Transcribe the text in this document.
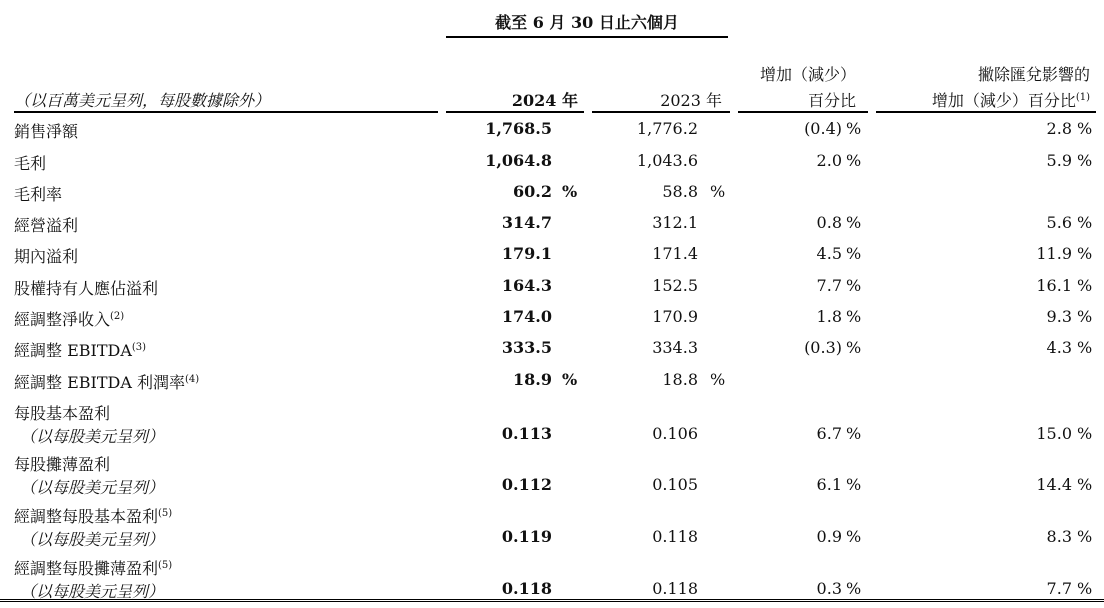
截至 6 月 30 日止六個月
（以百萬美元呈列，每股數據除外）	2024 年	2023 年
增加（減少）
百分比
撇除匯兌影響的
增加（減少）百分比$^{(1)}$
銷售淨額	1,768.5	1,776.2	(0.4) %	2.8 %
毛利	1,064.8	1,043.6	2.0 %	5.9 %
毛利率	60.2 %	58.8 %
經營溢利	314.7	312.1	0.8 %	5.6 %
期內溢利	179.1	171.4	4.5 %	11.9 %
股權持有人應佔溢利	164.3	152.5	7.7 %	16.1 %
經調整淨收入$^{(2)}$	174.0	170.9	1.8 %	9.3 %
經調整 EBITDA$^{(3)}$	333.5	334.3	(0.3) %	4.3 %
經調整 EBITDA 利潤率$^{(4)}$	18.9 %	18.8 %
每股基本盈利
（以每股美元呈列）	0.113	0.106	6.7 %	15.0 %
每股攤薄盈利
（以每股美元呈列）	0.112	0.105	6.1 %	14.4 %
經調整每股基本盈利$^{(5)}$
（以每股美元呈列）	0.119	0.118	0.9 %	8.3 %
經調整每股攤薄盈利$^{(5)}$
（以每股美元呈列）	0.118	0.118	0.3 %	7.7 %
